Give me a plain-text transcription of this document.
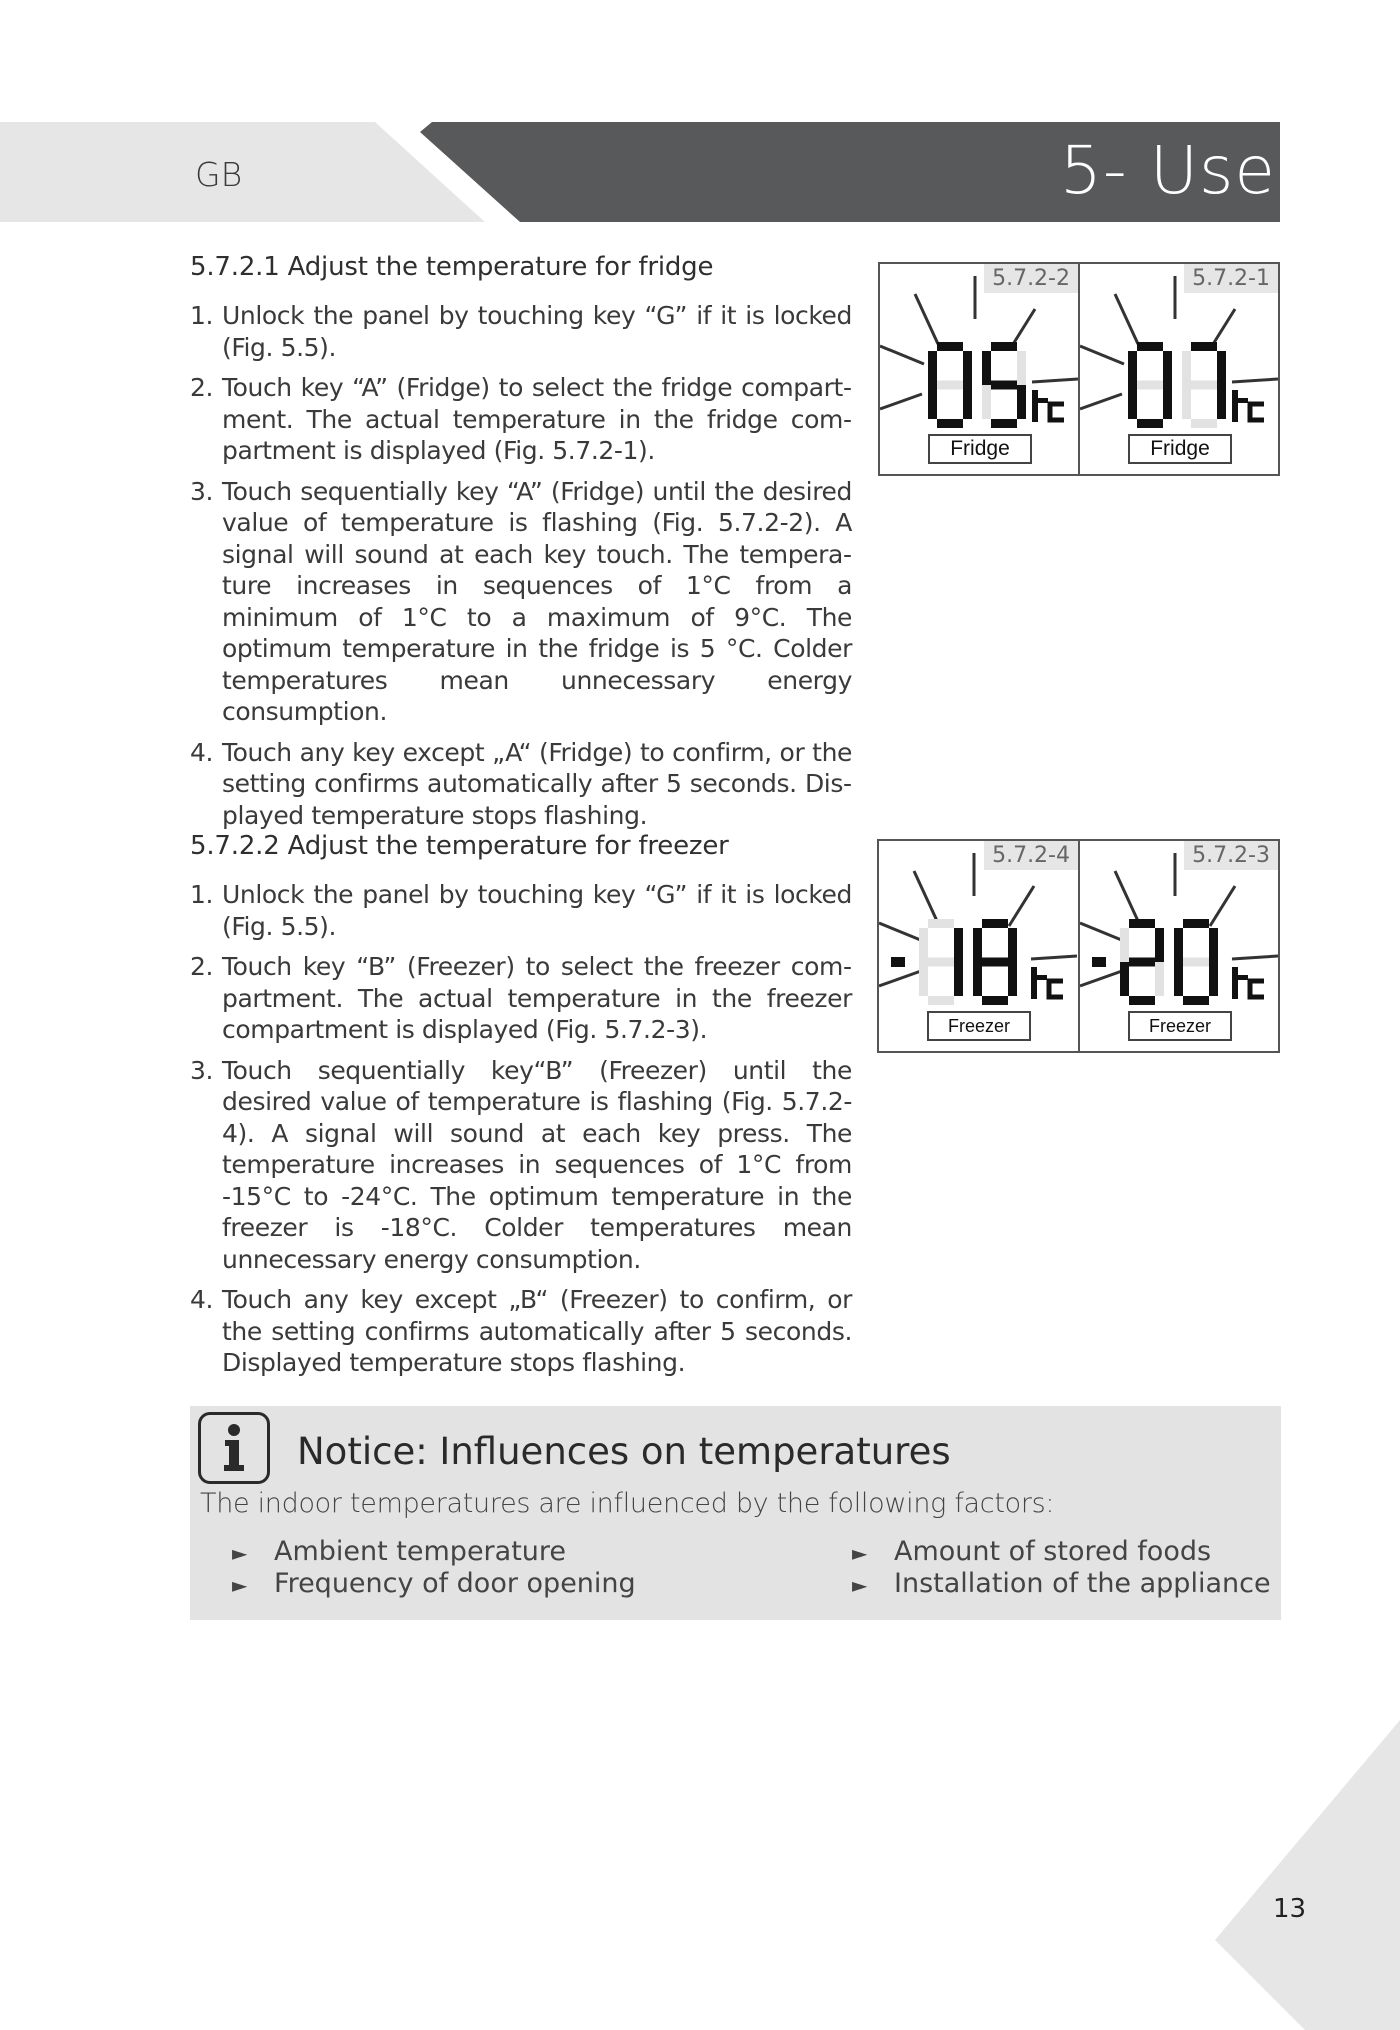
GB	5- Use
5.7.2.1 Adjust the temperature for fridge
1. Unlock the panel by touching key “G” if it is locked (Fig. 5.5).
2. Touch key “A” (Fridge) to select the fridge compartment. The actual temperature in the fridge compartment is displayed (Fig. 5.7.2-1).
3. Touch sequentially key “A” (Fridge) until the desired value of temperature is flashing (Fig. 5.7.2-2). A signal will sound at each key touch. The temperature increases in sequences of 1°C from a minimum of 1°C to a maximum of 9°C. The optimum temperature in the fridge is 5 °C. Colder temperatures mean unnecessary energy consumption.
4. Touch any key except „A“ (Fridge) to confirm, or the setting confirms automatically after 5 seconds. Displayed temperature stops flashing.
5.7.2.2 Adjust the temperature for freezer
1. Unlock the panel by touching key “G” if it is locked (Fig. 5.5).
2. Touch key “B” (Freezer) to select the freezer compartment. The actual temperature in the freezer compartment is displayed (Fig. 5.7.2-3).
3. Touch sequentially key“B” (Freezer) until the desired value of temperature is flashing (Fig. 5.7.2-4). A signal will sound at each key press. The temperature increases in sequences of 1°C from -15°C to -24°C. The optimum temperature in the freezer is -18°C. Colder temperatures mean unnecessary energy consumption.
4. Touch any key except „B“ (Freezer) to confirm, or the setting confirms automatically after 5 seconds. Displayed temperature stops flashing.
5.7.2-2
Fridge
5.7.2-1
Fridge
5.7.2-4
Freezer
5.7.2-3
Freezer
Notice: Influences on temperatures
The indoor temperatures are influenced by the following factors:
► Ambient temperature
► Frequency of door opening
► Amount of stored foods
► Installation of the appliance
13
